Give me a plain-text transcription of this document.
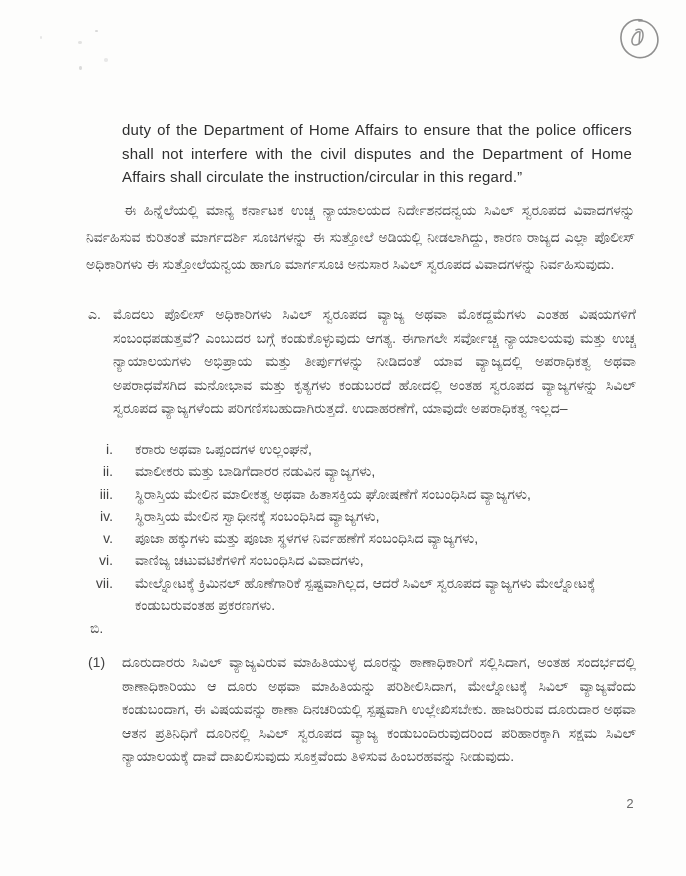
duty of the Department of Home Affairs to ensure that the police officers shall not interfere with the civil disputes and the Department of Home Affairs shall circulate the instruction/circular in this regard.”
ಈ ಹಿನ್ನೆಲೆಯಲ್ಲಿ ಮಾನ್ಯ ಕರ್ನಾಟಕ ಉಚ್ಚ ನ್ಯಾಯಾಲಯದ ನಿರ್ದೇಶನದನ್ವಯ ಸಿವಿಲ್ ಸ್ವರೂಪದ ವಿವಾದಗಳನ್ನು ನಿರ್ವಹಿಸುವ ಕುರಿತಂತೆ ಮಾರ್ಗದರ್ಶಿ ಸೂಚಿಗಳನ್ನು ಈ ಸುತ್ತೋಲೆ ಅಡಿಯಲ್ಲಿ ನೀಡಲಾಗಿದ್ದು, ಕಾರಣ ರಾಜ್ಯದ ಎಲ್ಲಾ ಪೊಲೀಸ್ ಅಧಿಕಾರಿಗಳು ಈ ಸುತ್ತೋಲೆಯನ್ವಯ ಹಾಗೂ ಮಾರ್ಗಸೂಚಿ ಅನುಸಾರ ಸಿವಿಲ್ ಸ್ವರೂಪದ ವಿವಾದಗಳನ್ನು ನಿರ್ವಹಿಸುವುದು.
ಎ. ಮೊದಲು ಪೊಲೀಸ್ ಅಧಿಕಾರಿಗಳು ಸಿವಿಲ್ ಸ್ವರೂಪದ ವ್ಯಾಜ್ಯ ಅಥವಾ ಮೊಕದ್ದಮೆಗಳು ಎಂತಹ ವಿಷಯಗಳಿಗೆ ಸಂಬಂಧಪಡುತ್ತವೆ? ಎಂಬುದರ ಬಗ್ಗೆ ಕಂಡುಕೊಳ್ಳುವುದು ಆಗತ್ಯ. ಈಗಾಗಲೇ ಸರ್ವೋಚ್ಚ ನ್ಯಾಯಾಲಯವು ಮತ್ತು ಉಚ್ಚ ನ್ಯಾಯಾಲಯಗಳು ಅಭಿಪ್ರಾಯ ಮತ್ತು ತೀರ್ಪುಗಳನ್ನು ನೀಡಿದಂತೆ ಯಾವ ವ್ಯಾಜ್ಯದಲ್ಲಿ ಅಪರಾಧಿಕತ್ವ ಅಥವಾ ಅಪರಾಧವೆಸಗಿದ ಮನೋಭಾವ ಮತ್ತು ಕೃತ್ಯಗಳು ಕಂಡುಬರದೆ ಹೋದಲ್ಲಿ ಅಂತಹ ಸ್ವರೂಪದ ವ್ಯಾಜ್ಯಗಳನ್ನು ಸಿವಿಲ್ ಸ್ವರೂಪದ ವ್ಯಾಜ್ಯಗಳೆಂದು ಪರಿಗಣಿಸಬಹುದಾಗಿರುತ್ತದೆ. ಉದಾಹರಣೆಗೆ, ಯಾವುದೇ ಅಪರಾಧಿಕತ್ವ ಇಲ್ಲದ–
i. ಕರಾರು ಅಥವಾ ಒಪ್ಪಂದಗಳ ಉಲ್ಲಂಘನೆ,
ii. ಮಾಲೀಕರು ಮತ್ತು ಬಾಡಿಗೆದಾರರ ನಡುವಿನ ವ್ಯಾಜ್ಯಗಳು,
iii. ಸ್ಥಿರಾಸ್ತಿಯ ಮೇಲಿನ ಮಾಲೀಕತ್ವ ಅಥವಾ ಹಿತಾಸಕ್ತಿಯ ಘೋಷಣೆಗೆ ಸಂಬಂಧಿಸಿದ ವ್ಯಾಜ್ಯಗಳು,
iv. ಸ್ಥಿರಾಸ್ತಿಯ ಮೇಲಿನ ಸ್ವಾಧೀನಕ್ಕೆ ಸಂಬಂಧಿಸಿದ ವ್ಯಾಜ್ಯಗಳು,
v. ಪೂಜಾ ಹಕ್ಕುಗಳು ಮತ್ತು ಪೂಜಾ ಸ್ಥಳಗಳ ನಿರ್ವಹಣೆಗೆ ಸಂಬಂಧಿಸಿದ ವ್ಯಾಜ್ಯಗಳು,
vi. ವಾಣಿಜ್ಯ ಚಟುವಟಿಕೆಗಳಿಗೆ ಸಂಬಂಧಿಸಿದ ವಿವಾದಗಳು,
vii. ಮೇಲ್ನೋಟಕ್ಕೆ ಕ್ರಿಮಿನಲ್ ಹೊಣೆಗಾರಿಕೆ ಸ್ಪಷ್ಟವಾಗಿಲ್ಲದ, ಆದರೆ ಸಿವಿಲ್ ಸ್ವರೂಪದ ವ್ಯಾಜ್ಯಗಳು ಮೇಲ್ನೋಟಕ್ಕೆ ಕಂಡುಬರುವಂತಹ ಪ್ರಕರಣಗಳು.
ಬಿ.
(1)	ದೂರುದಾರರು ಸಿವಿಲ್ ವ್ಯಾಜ್ಯವಿರುವ ಮಾಹಿತಿಯುಳ್ಳ ದೂರನ್ನು ಠಾಣಾಧಿಕಾರಿಗೆ ಸಲ್ಲಿಸಿದಾಗ, ಅಂತಹ ಸಂದರ್ಭದಲ್ಲಿ ಠಾಣಾಧಿಕಾರಿಯು ಆ ದೂರು ಅಥವಾ ಮಾಹಿತಿಯನ್ನು ಪರಿಶೀಲಿಸಿದಾಗ, ಮೇಲ್ನೋಟಕ್ಕೆ ಸಿವಿಲ್ ವ್ಯಾಜ್ಯವೆಂದು ಕಂಡುಬಂದಾಗ, ಈ ವಿಷಯವನ್ನು ಠಾಣಾ ದಿನಚರಿಯಲ್ಲಿ ಸ್ಪಷ್ಟವಾಗಿ ಉಲ್ಲೇಖಿಸಬೇಕು. ಹಾಜರಿರುವ ದೂರುದಾರ ಅಥವಾ ಆತನ ಪ್ರತಿನಿಧಿಗೆ ದೂರಿನಲ್ಲಿ ಸಿವಿಲ್ ಸ್ವರೂಪದ ವ್ಯಾಜ್ಯ ಕಂಡುಬಂದಿರುವುದರಿಂದ ಪರಿಹಾರಕ್ಕಾಗಿ ಸಕ್ಷಮ ಸಿವಿಲ್ ನ್ಯಾಯಾಲಯಕ್ಕೆ ದಾವೆ ದಾಖಲಿಸುವುದು ಸೂಕ್ತವೆಂದು ತಿಳಿಸುವ ಹಿಂಬರಹವನ್ನು ನೀಡುವುದು.
2
